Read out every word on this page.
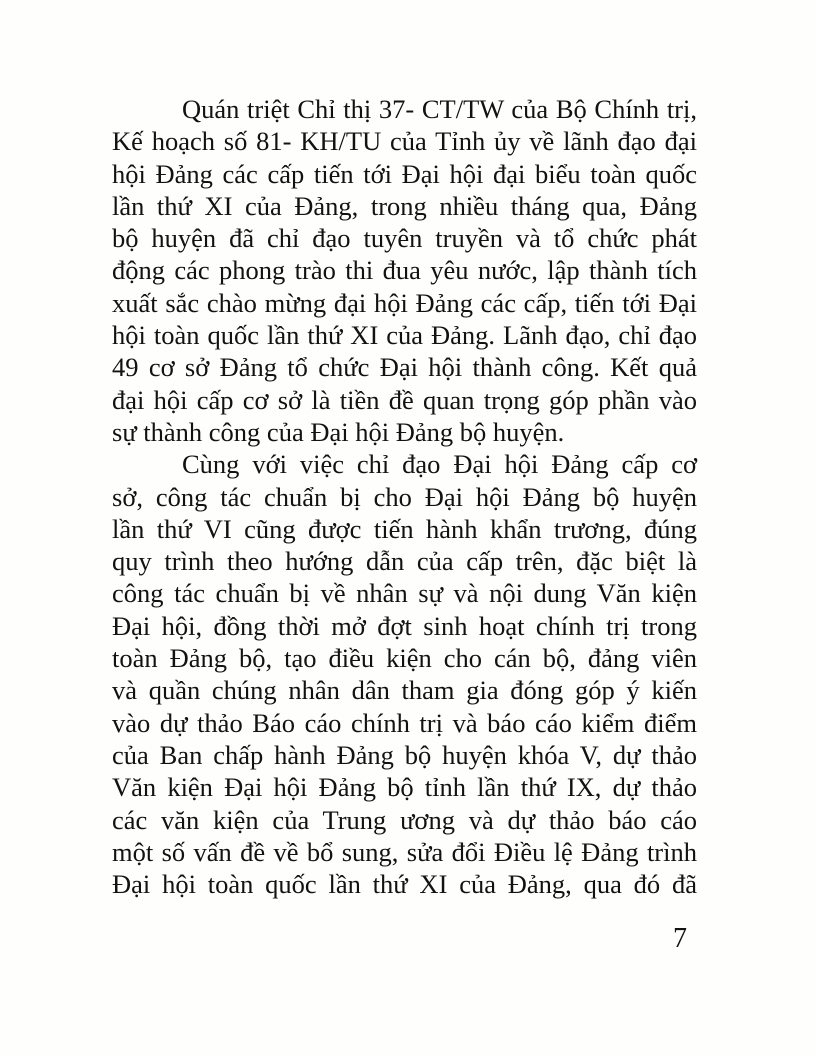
Quán triệt Chỉ thị 37- CT/TW của Bộ Chính trị,
Kế hoạch số 81- KH/TU của Tỉnh ủy về lãnh đạo đại
hội Đảng các cấp tiến tới Đại hội đại biểu toàn quốc
lần thứ XI của Đảng, trong nhiều tháng qua, Đảng
bộ huyện đã chỉ đạo tuyên truyền và tổ chức phát
động các phong trào thi đua yêu nước, lập thành tích
xuất sắc chào mừng đại hội Đảng các cấp, tiến tới Đại
hội toàn quốc lần thứ XI của Đảng. Lãnh đạo, chỉ đạo
49 cơ sở Đảng tổ chức Đại hội thành công. Kết quả
đại hội cấp cơ sở là tiền đề quan trọng góp phần vào
sự thành công của Đại hội Đảng bộ huyện.
Cùng với việc chỉ đạo Đại hội Đảng cấp cơ
sở, công tác chuẩn bị cho Đại hội Đảng bộ huyện
lần thứ VI cũng được tiến hành khẩn trương, đúng
quy trình theo hướng dẫn của cấp trên, đặc biệt là
công tác chuẩn bị về nhân sự và nội dung Văn kiện
Đại hội, đồng thời mở đợt sinh hoạt chính trị trong
toàn Đảng bộ, tạo điều kiện cho cán bộ, đảng viên
và quần chúng nhân dân tham gia đóng góp ý kiến
vào dự thảo Báo cáo chính trị và báo cáo kiểm điểm
của Ban chấp hành Đảng bộ huyện khóa V, dự thảo
Văn kiện Đại hội Đảng bộ tỉnh lần thứ IX, dự thảo
các văn kiện của Trung ương và dự thảo báo cáo
một số vấn đề về bổ sung, sửa đổi Điều lệ Đảng trình
Đại hội toàn quốc lần thứ XI của Đảng, qua đó đã
7
